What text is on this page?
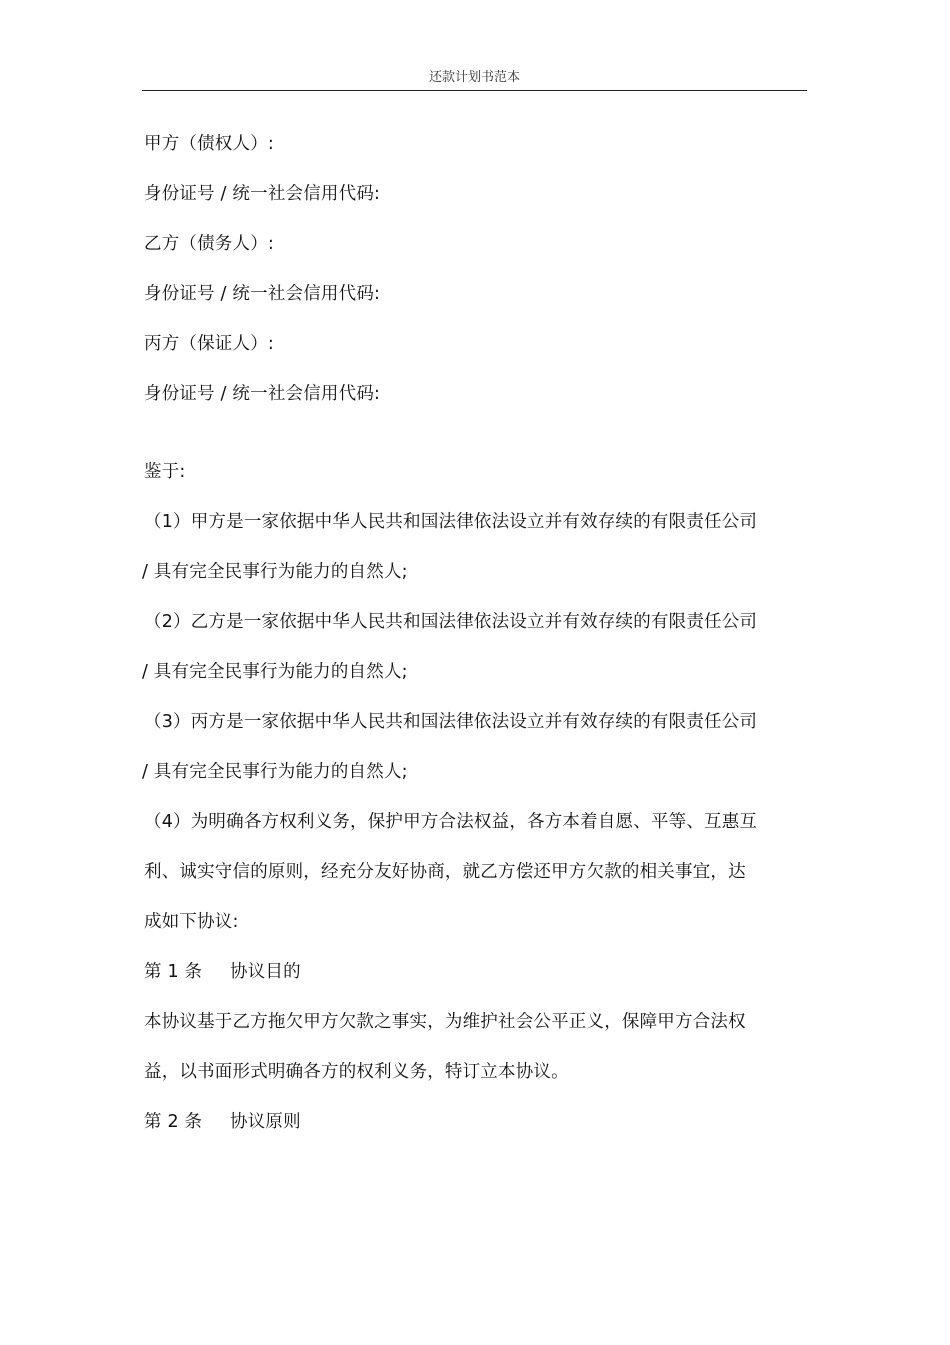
还款计划书范本
甲方（债权人）:
身份证号 / 统一社会信用代码:
乙方（债务人）:
身份证号 / 统一社会信用代码:
丙方（保证人）:
身份证号 / 统一社会信用代码:
鉴于:
（1）甲方是一家依据中华人民共和国法律依法设立并有效存续的有限责任公司
/ 具有完全民事行为能力的自然人;
（2）乙方是一家依据中华人民共和国法律依法设立并有效存续的有限责任公司
/ 具有完全民事行为能力的自然人;
（3）丙方是一家依据中华人民共和国法律依法设立并有效存续的有限责任公司
/ 具有完全民事行为能力的自然人;
（4）为明确各方权利义务，保护甲方合法权益，各方本着自愿、平等、互惠互
利、诚实守信的原则，经充分友好协商，就乙方偿还甲方欠款的相关事宜，达
成如下协议:
第 1 条 协议目的
本协议基于乙方拖欠甲方欠款之事实，为维护社会公平正义，保障甲方合法权
益，以书面形式明确各方的权利义务，特订立本协议。
第 2 条 协议原则
